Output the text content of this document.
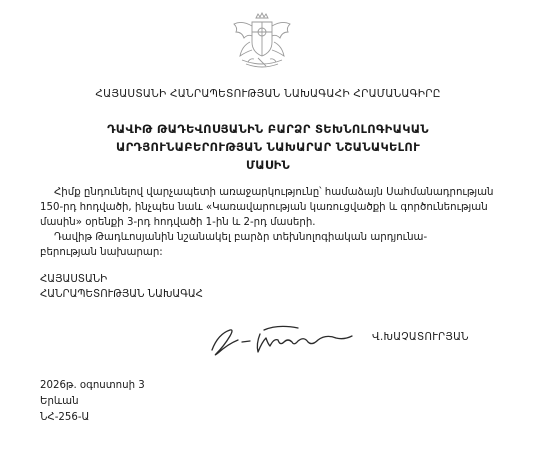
ՀԱՅԱՍՏԱՆԻ ՀԱՆՐԱՊԵՏՈՒԹՅԱՆ ՆԱԽԱԳԱՀԻ ՀՐԱՄԱՆԱԳԻՐԸ
ԴԱՎԻԹ ԹԱԴԵՎՈՍՅԱՆԻՆ ԲԱՐՁՐ ՏԵԽՆՈԼՈԳԻԱԿԱՆ
ԱՐԴՅՈՒՆԱԲԵՐՈՒԹՅԱՆ ՆԱԽԱՐԱՐ ՆՇԱՆԱԿԵԼՈՒ
ՄԱՍԻՆ
Հիմք ընդունելով վարչապետի առաջարկությունը՝ համաձայն Սահմանադրության
150-րդ հոդվածի, ինչպես նաև «Կառավարության կառուցվածքի և գործունեության
մասին» օրենքի 3-րդ հոդվածի 1-ին և 2-րդ մասերի.
Դավիթ Թադևոսյանին նշանակել բարձր տեխնոլոգիական արդյունա-
բերության նախարար:
ՀԱՅԱՍՏԱՆԻ
ՀԱՆՐԱՊԵՏՈՒԹՅԱՆ ՆԱԽԱԳԱՀ
Վ.ԽԱՉԱՏՈՒՐՅԱՆ
2026թ. օգոստոսի 3
Երևան
ՆՀ-256-Ա
